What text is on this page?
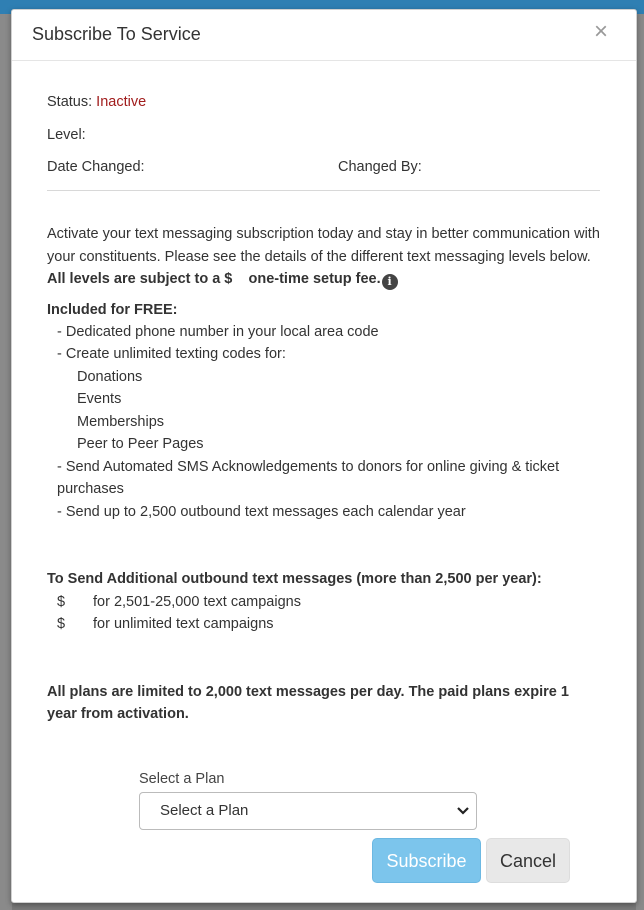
Subscribe To Service	×
Status: Inactive
Level:
Date Changed:	Changed By:

Activate your text messaging subscription today and stay in better communication with your constituents. Please see the details of the different text messaging levels below. All levels are subject to a $ one-time setup fee. i

Included for FREE:
- Dedicated phone number in your local area code
- Create unlimited texting codes for:
Donations
Events
Memberships
Peer to Peer Pages
- Send Automated SMS Acknowledgements to donors for online giving & ticket purchases
- Send up to 2,500 outbound text messages each calendar year
To Send Additional outbound text messages (more than 2,500 per year):
$ for 2,501-25,000 text campaigns
$ for unlimited text campaigns

All plans are limited to 2,000 text messages per day. The paid plans expire 1 year from activation.

Select a Plan
Select a Plan
Subscribe	Cancel
